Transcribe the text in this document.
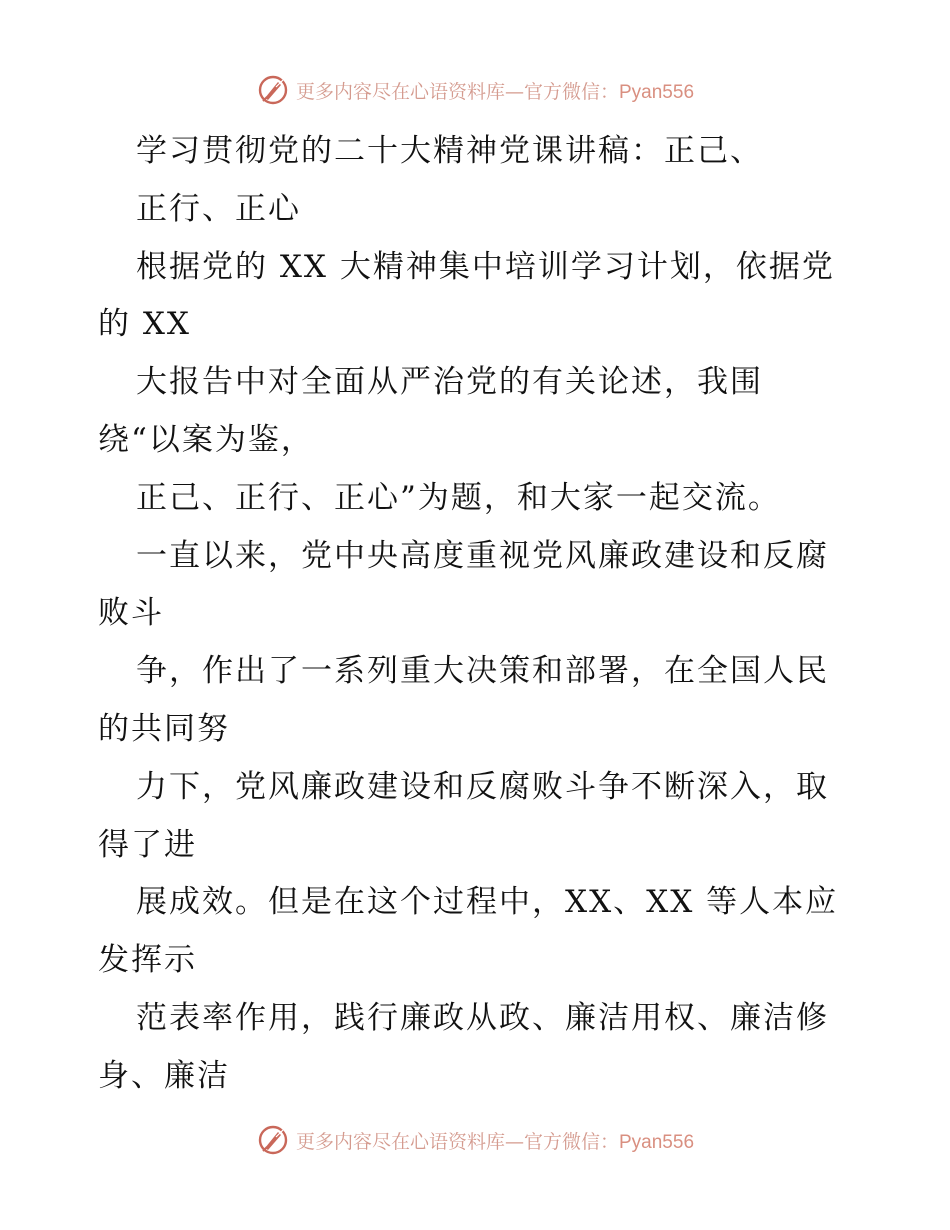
更多内容尽在心语资料库—官方微信：Pyan556
学习贯彻党的二十大精神党课讲稿：正己、
正行、正心
根据党的 XX 大精神集中培训学习计划，依据党
的 XX
大报告中对全面从严治党的有关论述，我围
绕“以案为鉴，
正己、正行、正心”为题，和大家一起交流。
一直以来，党中央高度重视党风廉政建设和反腐
败斗
争，作出了一系列重大决策和部署，在全国人民
的共同努
力下，党风廉政建设和反腐败斗争不断深入，取
得了进
展成效。但是在这个过程中，XX、XX 等人本应
发挥示
范表率作用，践行廉政从政、廉洁用权、廉洁修
身、廉洁
更多内容尽在心语资料库—官方微信：Pyan556
